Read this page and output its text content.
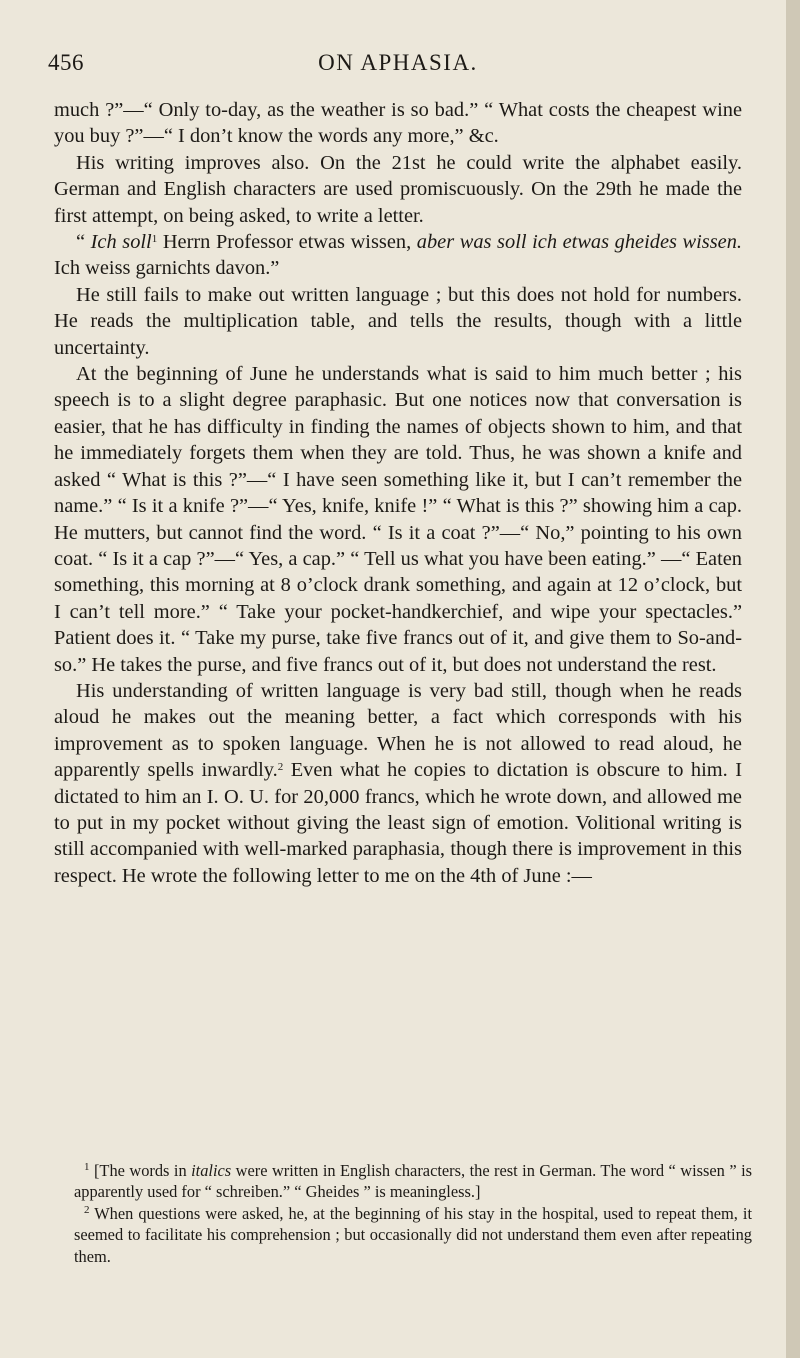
456	ON APHASIA.

much ?”—“ Only to-day, as the weather is so bad.” “ What costs the cheapest wine you buy ?”—“ I don’t know the words any more,” &c.

His writing improves also. On the 21st he could write the alphabet easily. German and English characters are used promiscuously. On the 29th he made the first attempt, on being asked, to write a letter.

“ Ich soll$^1$ Herrn Professor etwas wissen, aber was soll ich etwas gheides wissen. Ich weiss garnichts davon.”

He still fails to make out written language ; but this does not hold for numbers. He reads the multiplication table, and tells the results, though with a little uncertainty.

At the beginning of June he understands what is said to him much better ; his speech is to a slight degree paraphasic. But one notices now that conversation is easier, that he has difficulty in finding the names of objects shown to him, and that he immediately forgets them when they are told. Thus, he was shown a knife and asked “ What is this ?”—“ I have seen something like it, but I can’t remember the name.” “ Is it a knife ?”—“ Yes, knife, knife !” “ What is this ?” showing him a cap. He mutters, but cannot find the word. “ Is it a coat ?”—“ No,” pointing to his own coat. “ Is it a cap ?”—“ Yes, a cap.” “ Tell us what you have been eating.” —“ Eaten something, this morning at 8 o’clock drank something, and again at 12 o’clock, but I can’t tell more.” “ Take your pocket-handkerchief, and wipe your spectacles.” Patient does it. “ Take my purse, take five francs out of it, and give them to So-and-so.” He takes the purse, and five francs out of it, but does not understand the rest.

His understanding of written language is very bad still, though when he reads aloud he makes out the meaning better, a fact which corresponds with his improvement as to spoken language. When he is not allowed to read aloud, he apparently spells inwardly.$^2$ Even what he copies to dictation is obscure to him. I dictated to him an I. O. U. for 20,000 francs, which he wrote down, and allowed me to put in my pocket without giving the least sign of emotion. Volitional writing is still accompanied with well-marked paraphasia, though there is improvement in this respect. He wrote the following letter to me on the 4th of June :—

$^1$ [The words in italics were written in English characters, the rest in German. The word “ wissen ” is apparently used for “ schreiben.” “ Gheides ” is meaningless.]

$^2$ When questions were asked, he, at the beginning of his stay in the hospital, used to repeat them, it seemed to facilitate his comprehension ; but occasionally did not understand them even after repeating them.
